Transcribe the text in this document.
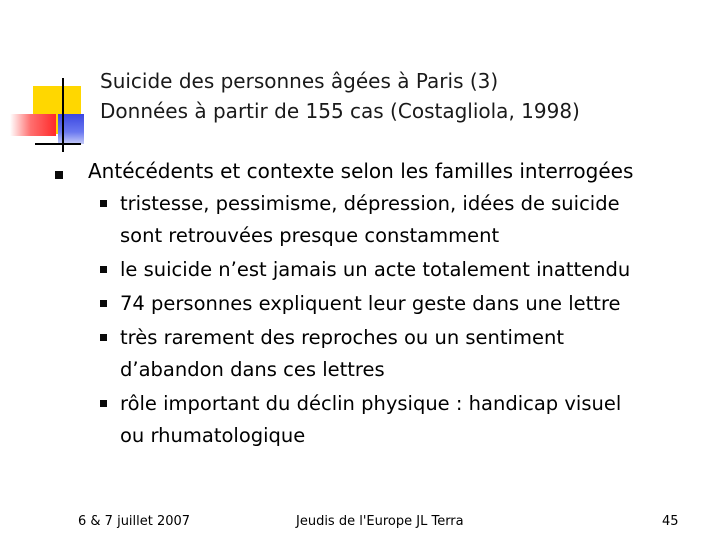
Suicide des personnes âgées à Paris (3)
Données à partir de 155 cas (Costagliola, 1998)
Antécédents et contexte selon les familles interrogées
tristesse, pessimisme, dépression, idées de suicide
sont retrouvées presque constamment
le suicide n’est jamais un acte totalement inattendu
74 personnes expliquent leur geste dans une lettre
très rarement des reproches ou un sentiment
d’abandon dans ces lettres
rôle important du déclin physique : handicap visuel
ou rhumatologique
6 & 7 juillet 2007	Jeudis de l'Europe JL Terra	45
